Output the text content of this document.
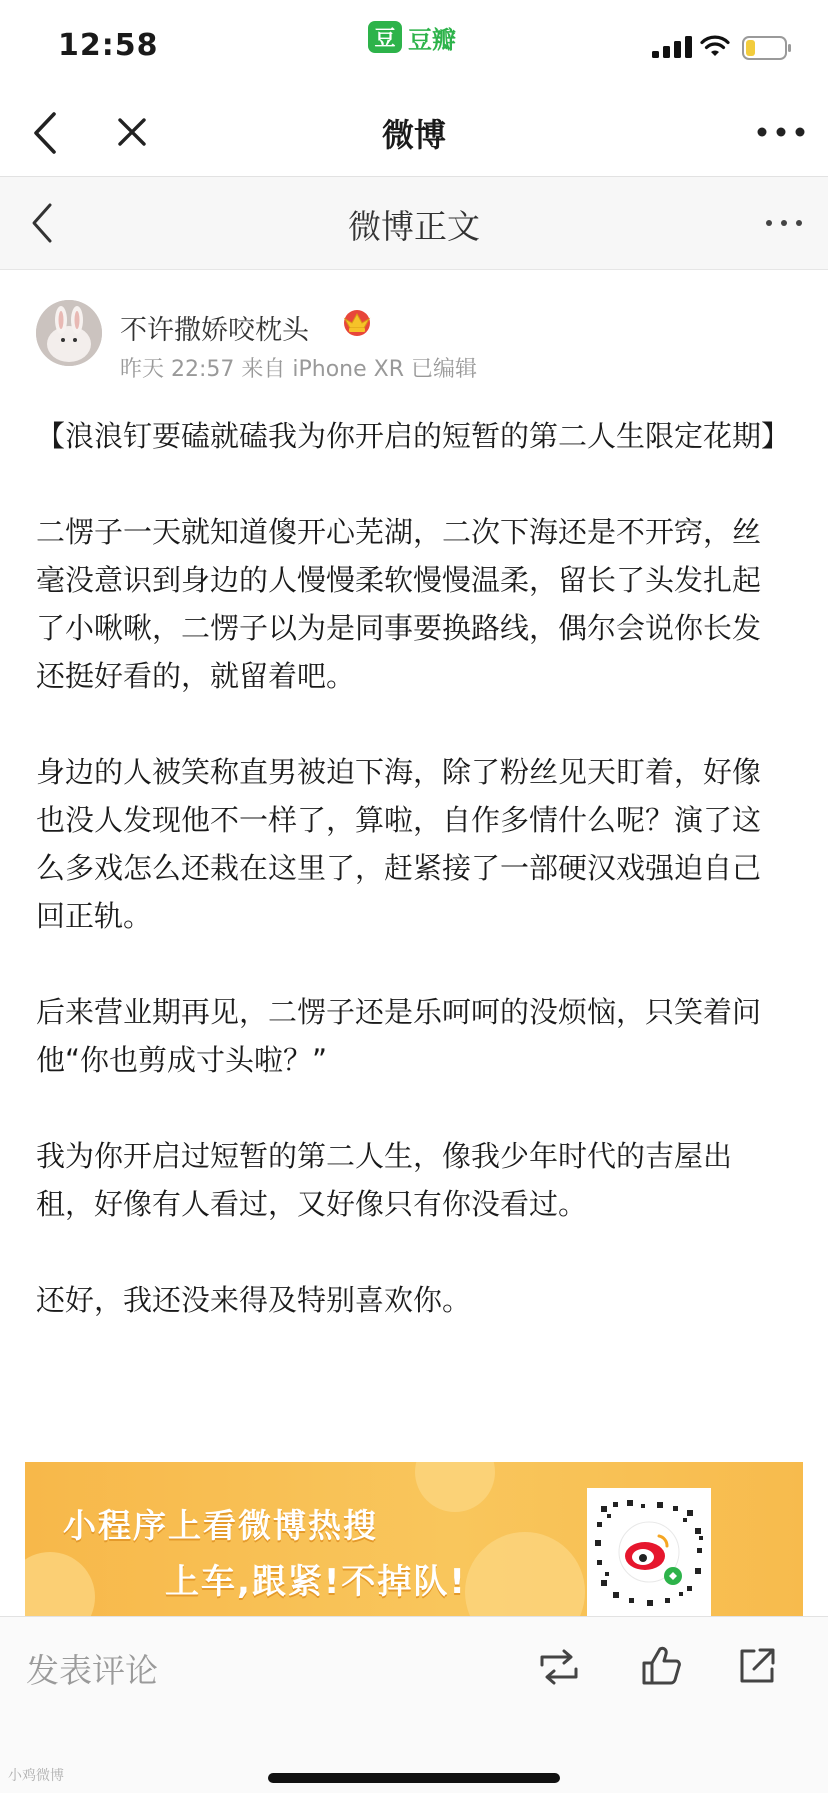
12:58	豆 豆瓣
微博
微博正文
不许撒娇咬枕头
昨天 22:57 来自 iPhone XR 已编辑

【浪浪钉要磕就磕我为你开启的短暂的第二人生限定花期】

二愣子一天就知道傻开心芜湖，二次下海还是不开窍，丝毫没意识到身边的人慢慢柔软慢慢温柔，留长了头发扎起了小啾啾，二愣子以为是同事要换路线，偶尔会说你长发还挺好看的，就留着吧。

身边的人被笑称直男被迫下海，除了粉丝见天盯着，好像也没人发现他不一样了，算啦，自作多情什么呢？演了这么多戏怎么还栽在这里了，赶紧接了一部硬汉戏强迫自己回正轨。

后来营业期再见，二愣子还是乐呵呵的没烦恼，只笑着问他“你也剪成寸头啦？”

我为你开启过短暂的第二人生，像我少年时代的吉屋出租，好像有人看过，又好像只有你没看过。

还好，我还没来得及特别喜欢你。

小程序上看微博热搜
上车,跟紧!不掉队!
发表评论
小鸡微博
